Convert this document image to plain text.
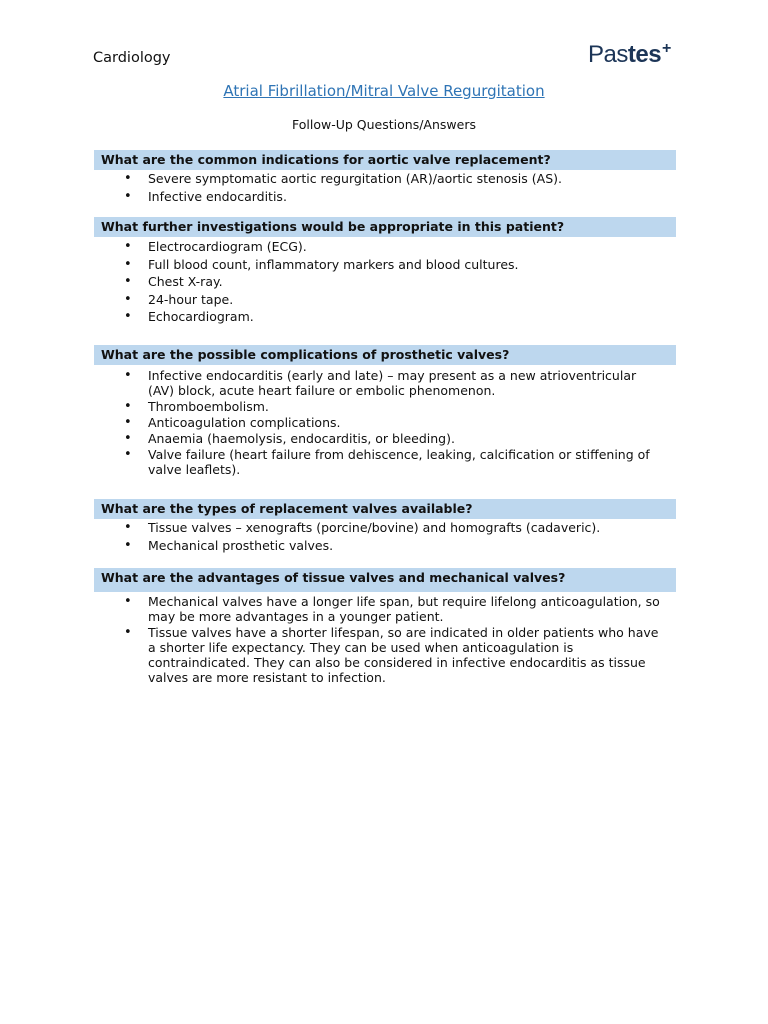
Cardiology	Pastes+
Atrial Fibrillation/Mitral Valve Regurgitation
Follow-Up Questions/Answers
What are the common indications for aortic valve replacement?
• Severe symptomatic aortic regurgitation (AR)/aortic stenosis (AS).
• Infective endocarditis.
What further investigations would be appropriate in this patient?
• Electrocardiogram (ECG).
• Full blood count, inflammatory markers and blood cultures.
• Chest X-ray.
• 24-hour tape.
• Echocardiogram.
What are the possible complications of prosthetic valves?
• Infective endocarditis (early and late) – may present as a new atrioventricular (AV) block, acute heart failure or embolic phenomenon.
• Thromboembolism.
• Anticoagulation complications.
• Anaemia (haemolysis, endocarditis, or bleeding).
• Valve failure (heart failure from dehiscence, leaking, calcification or stiffening of valve leaflets).
What are the types of replacement valves available?
• Tissue valves – xenografts (porcine/bovine) and homografts (cadaveric).
• Mechanical prosthetic valves.
What are the advantages of tissue valves and mechanical valves?
• Mechanical valves have a longer life span, but require lifelong anticoagulation, so may be more advantages in a younger patient.
• Tissue valves have a shorter lifespan, so are indicated in older patients who have a shorter life expectancy. They can be used when anticoagulation is contraindicated. They can also be considered in infective endocarditis as tissue valves are more resistant to infection.
